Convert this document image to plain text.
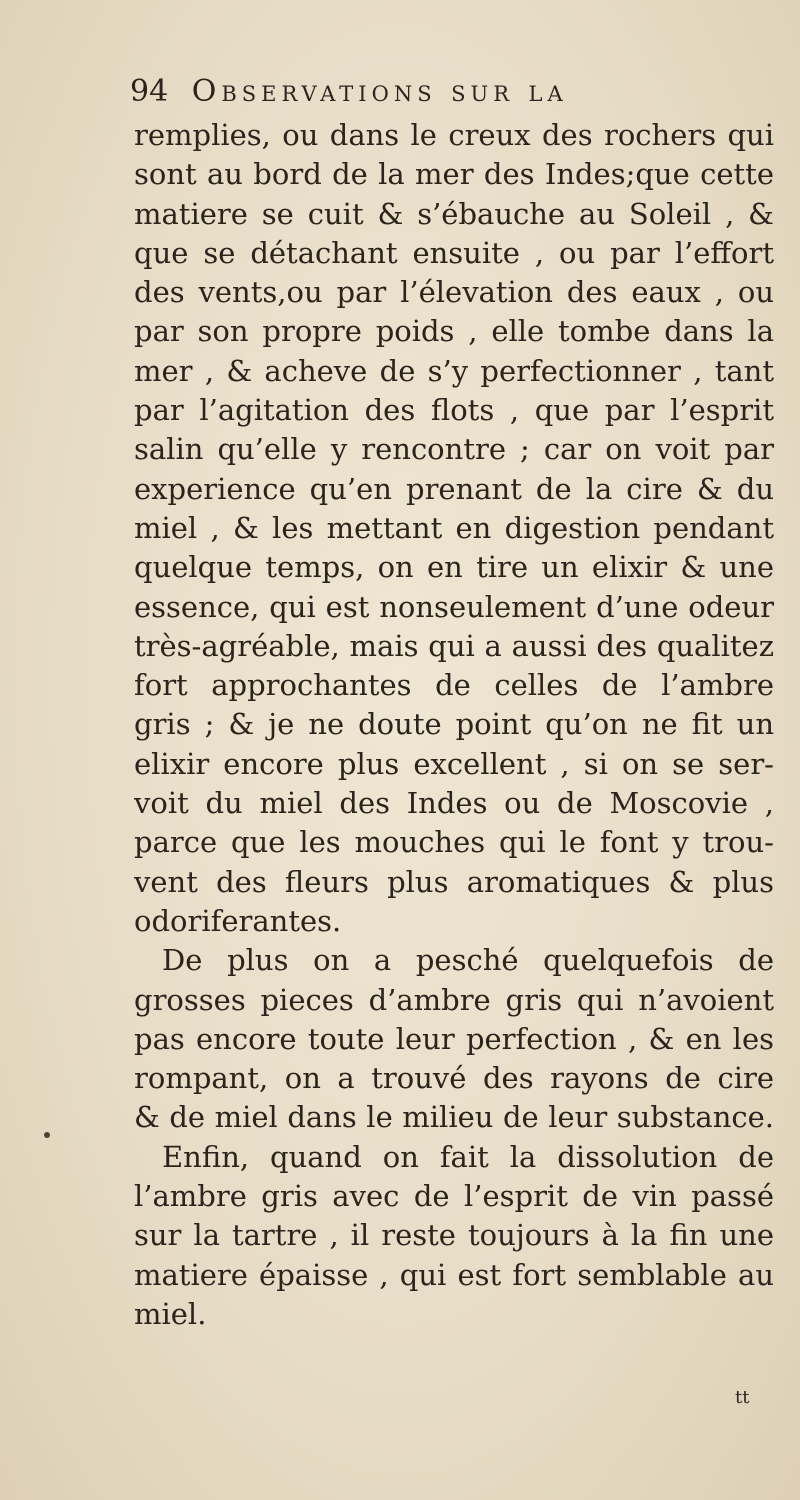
94 Observations sur la
remplies, ou dans le creux des rochers qui
sont au bord de la mer des Indes;que cette
matiere se cuit & s’ébauche au Soleil , &
que se détachant ensuite , ou par l’effort
des vents,ou par l’élevation des eaux , ou
par son propre poids , elle tombe dans la
mer , & acheve de s’y perfectionner , tant
par l’agitation des flots , que par l’esprit
salin qu’elle y rencontre ; car on voit par
experience qu’en prenant de la cire & du
miel , & les mettant en digestion pendant
quelque temps, on en tire un elixir & une
essence, qui est nonseulement d’une odeur
très-agréable, mais qui a aussi des qualitez
fort approchantes de celles de l’ambre
gris ; & je ne doute point qu’on ne fit un
elixir encore plus excellent , si on se ser-
voit du miel des Indes ou de Moscovie ,
parce que les mouches qui le font y trou-
vent des fleurs plus aromatiques & plus
odoriferantes.
De plus on a pesché quelquefois de
grosses pieces d’ambre gris qui n’avoient
pas encore toute leur perfection , & en les
rompant, on a trouvé des rayons de cire
& de miel dans le milieu de leur substance.
Enfin, quand on fait la dissolution de
l’ambre gris avec de l’esprit de vin passé
sur la tartre , il reste toujours à la fin une
matiere épaisse , qui est fort semblable au
miel.
tt
